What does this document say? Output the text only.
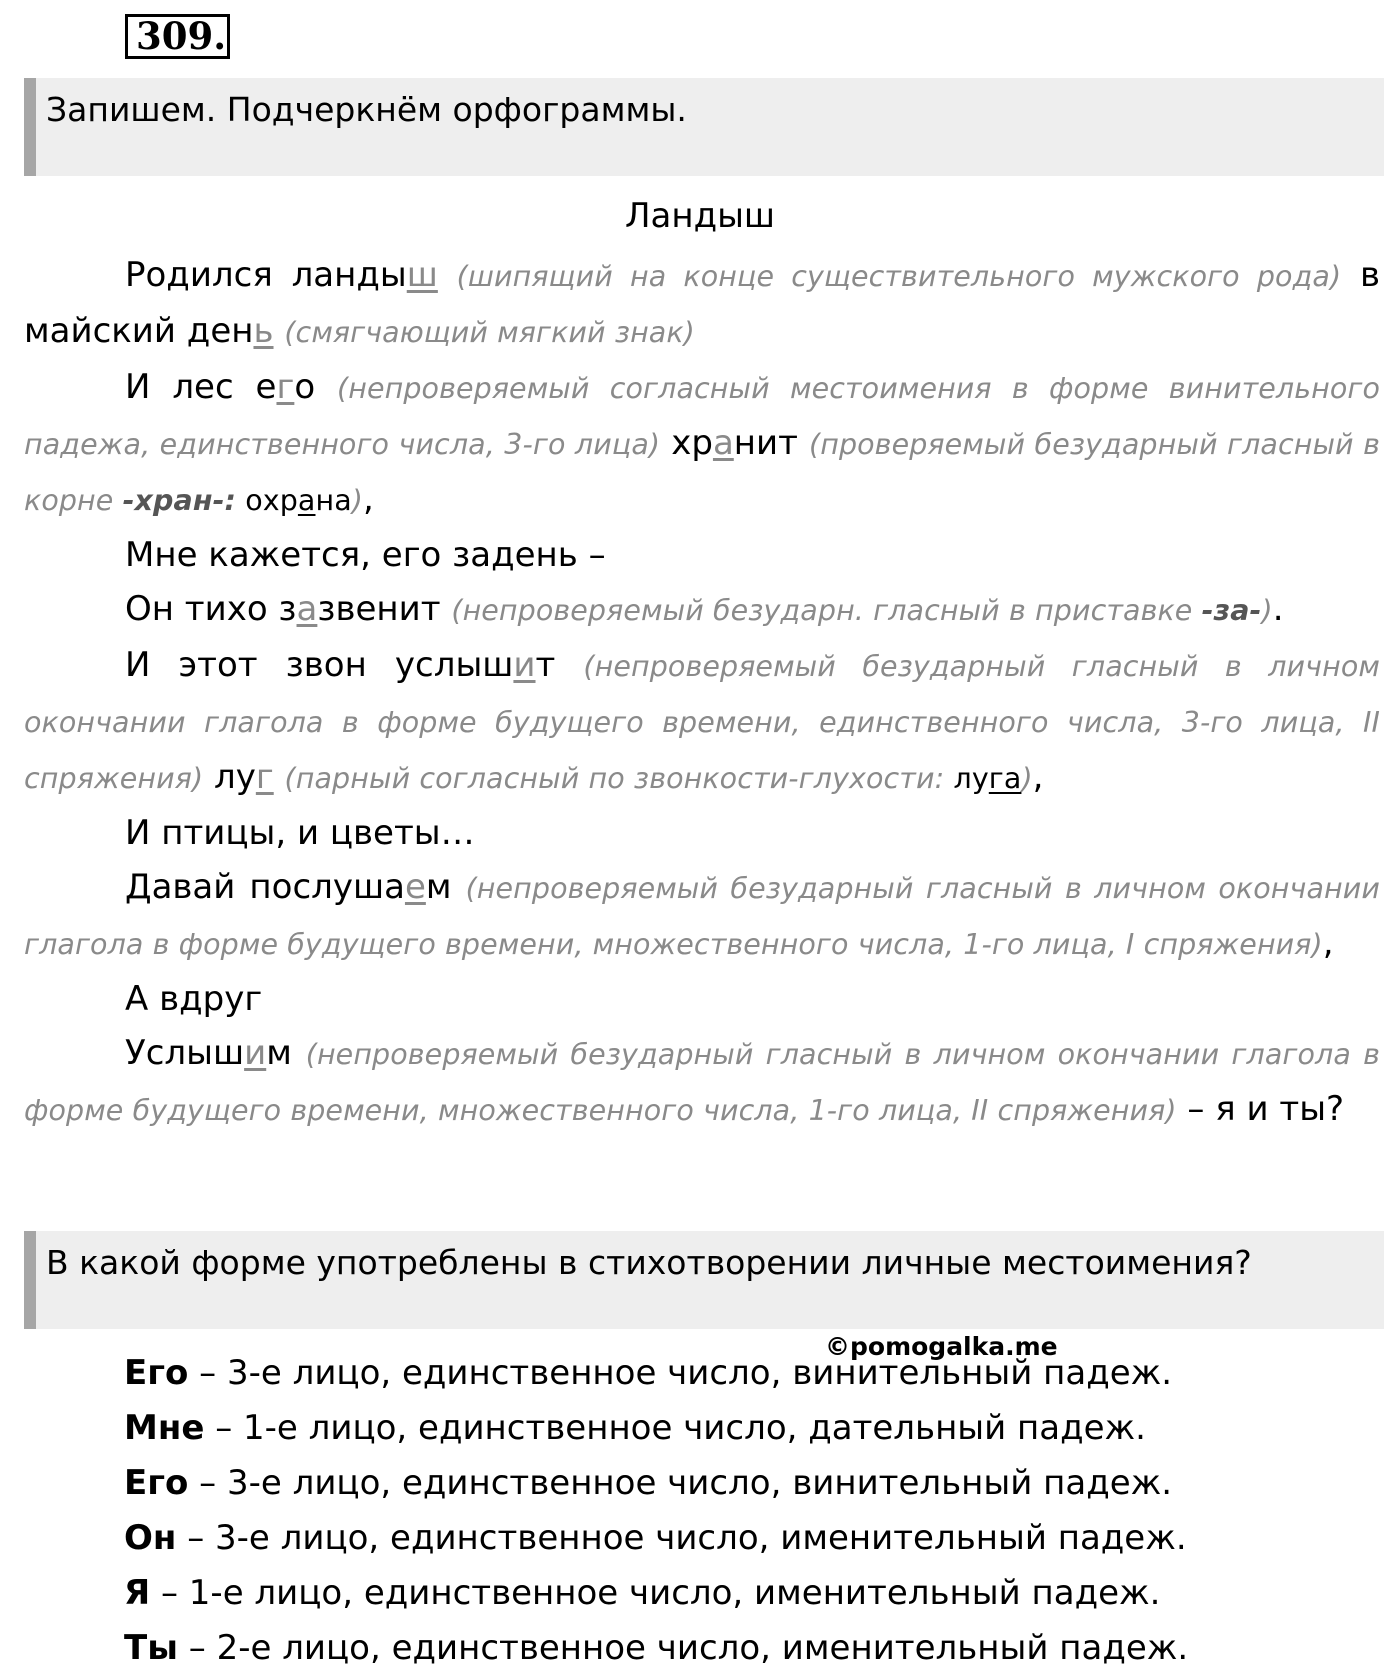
309.
Запишем. Подчеркнём орфограммы.
Ландыш

Родился ландыш (шипящий на конце существительного мужского рода) в майский день (смягчающий мягкий знак)

И лес его (непроверяемый согласный местоимения в форме винительного падежа, единственного числа, 3-го лица) хранит (проверяемый безударный гласный в корне -хран-: охрана),

Мне кажется, его задень –

Он тихо зазвенит (непроверяемый безударн. гласный в приставке -за-).

И этот звон услышит (непроверяемый безударный гласный в личном окончании глагола в форме будущего времени, единственного числа, 3-го лица, II спряжения) луг (парный согласный по звонкости-глухости: луга),

И птицы, и цветы…

Давай послушаем (непроверяемый безударный гласный в личном окончании глагола в форме будущего времени, множественного числа, 1-го лица, I спряжения),

А вдруг

Услышим (непроверяемый безударный гласный в личном окончании глагола в форме будущего времени, множественного числа, 1-го лица, II спряжения) – я и ты?

В какой форме употреблены в стихотворении личные местоимения?
©pomogalka.me

Его – 3-е лицо, единственное число, винительный падеж.

Мне – 1-е лицо, единственное число, дательный падеж.

Его – 3-е лицо, единственное число, винительный падеж.

Он – 3-е лицо, единственное число, именительный падеж.

Я – 1-е лицо, единственное число, именительный падеж.

Ты – 2-е лицо, единственное число, именительный падеж.
